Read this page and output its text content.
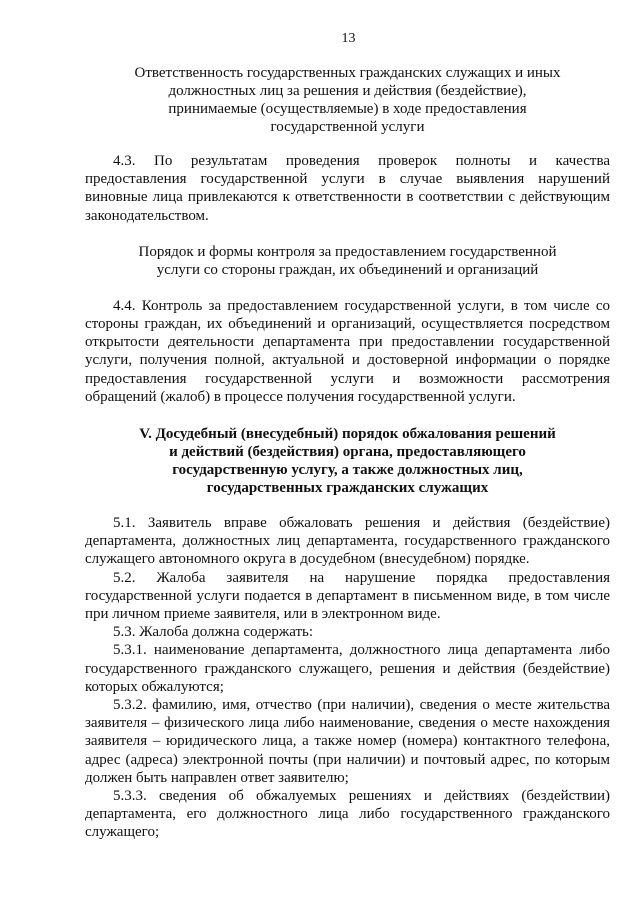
13
Ответственность государственных гражданских служащих и иных
должностных лиц за решения и действия (бездействие),
принимаемые (осуществляемые) в ходе предоставления
государственной услуги

4.3. По результатам проведения проверок полноты и качества предоставления государственной услуги в случае выявления нарушений виновные лица привлекаются к ответственности в соответствии с действующим законодательством.

Порядок и формы контроля за предоставлением государственной
услуги со стороны граждан, их объединений и организаций

4.4. Контроль за предоставлением государственной услуги, в том числе со стороны граждан, их объединений и организаций, осуществляется посредством открытости деятельности департамента при предоставлении государственной услуги, получения полной, актуальной и достоверной информации о порядке предоставления государственной услуги и возможности рассмотрения обращений (жалоб) в процессе получения государственной услуги.

V. Досудебный (внесудебный) порядок обжалования решений
и действий (бездействия) органа, предоставляющего
государственную услугу, а также должностных лиц,
государственных гражданских служащих

5.1. Заявитель вправе обжаловать решения и действия (бездействие) департамента, должностных лиц департамента, государственного гражданского служащего автономного округа в досудебном (внесудебном) порядке.

5.2. Жалоба заявителя на нарушение порядка предоставления государственной услуги подается в департамент в письменном виде, в том числе при личном приеме заявителя, или в электронном виде.

5.3. Жалоба должна содержать:

5.3.1. наименование департамента, должностного лица департамента либо государственного гражданского служащего, решения и действия (бездействие) которых обжалуются;

5.3.2. фамилию, имя, отчество (при наличии), сведения о месте жительства заявителя – физического лица либо наименование, сведения о месте нахождения заявителя – юридического лица, а также номер (номера) контактного телефона, адрес (адреса) электронной почты (при наличии) и почтовый адрес, по которым должен быть направлен ответ заявителю;

5.3.3. сведения об обжалуемых решениях и действиях (бездействии) департамента, его должностного лица либо государственного гражданского служащего;
